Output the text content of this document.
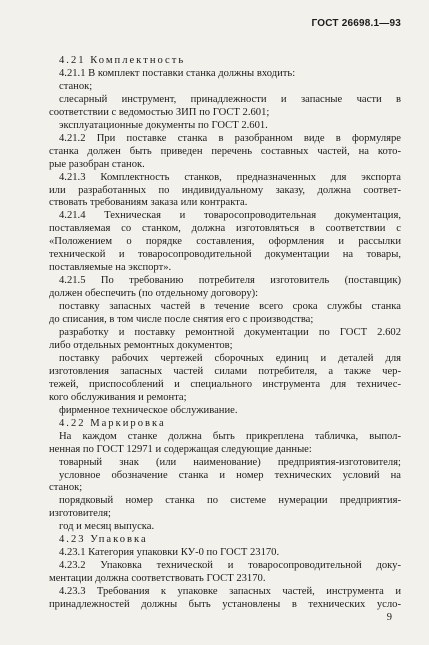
ГОСТ 26698.1—93
4.21 Комплектность
4.21.1 В комплект поставки станка должны входить:
станок;
слесарный инструмент, принадлежности и запасные части в
соответствии с ведомостью ЗИП по ГОСТ 2.601;
эксплуатационные документы по ГОСТ 2.601.
4.21.2 При поставке станка в разобранном виде в формуляре
станка должен быть приведен перечень составных частей, на кото-
рые разобран станок.
4.21.3 Комплектность станков, предназначенных для экспорта
или разработанных по индивидуальному заказу, должна соответ-
ствовать требованиям заказа или контракта.
4.21.4 Техническая и товаросопроводительная документация,
поставляемая со станком, должна изготовляться в соответствии с
«Положением о порядке составления, оформления и рассылки
технической и товаросопроводительной документации на товары,
поставляемые на экспорт».
4.21.5 По требованию потребителя изготовитель (поставщик)
должен обеспечить (по отдельному договору):
поставку запасных частей в течение всего срока службы станка
до списания, в том числе после снятия его с производства;
разработку и поставку ремонтной документации по ГОСТ 2.602
либо отдельных ремонтных документов;
поставку рабочих чертежей сборочных единиц и деталей для
изготовления запасных частей силами потребителя, а также чер-
тежей, приспособлений и специального инструмента для техничес-
кого обслуживания и ремонта;
фирменное техническое обслуживание.
4.22 Маркировка
На каждом станке должна быть прикреплена табличка, выпол-
ненная по ГОСТ 12971 и содержащая следующие данные:
товарный знак (или наименование) предприятия-изготовителя;
условное обозначение станка и номер технических условий на
станок;
порядковый номер станка по системе нумерации предприятия-
изготовителя;
год и месяц выпуска.
4.23 Упаковка
4.23.1 Категория упаковки КУ-0 по ГОСТ 23170.
4.23.2 Упаковка технической и товаросопроводительной доку-
ментации должна соответствовать ГОСТ 23170.
4.23.3 Требования к упаковке запасных частей, инструмента и
принадлежностей должны быть установлены в технических усло-
9
